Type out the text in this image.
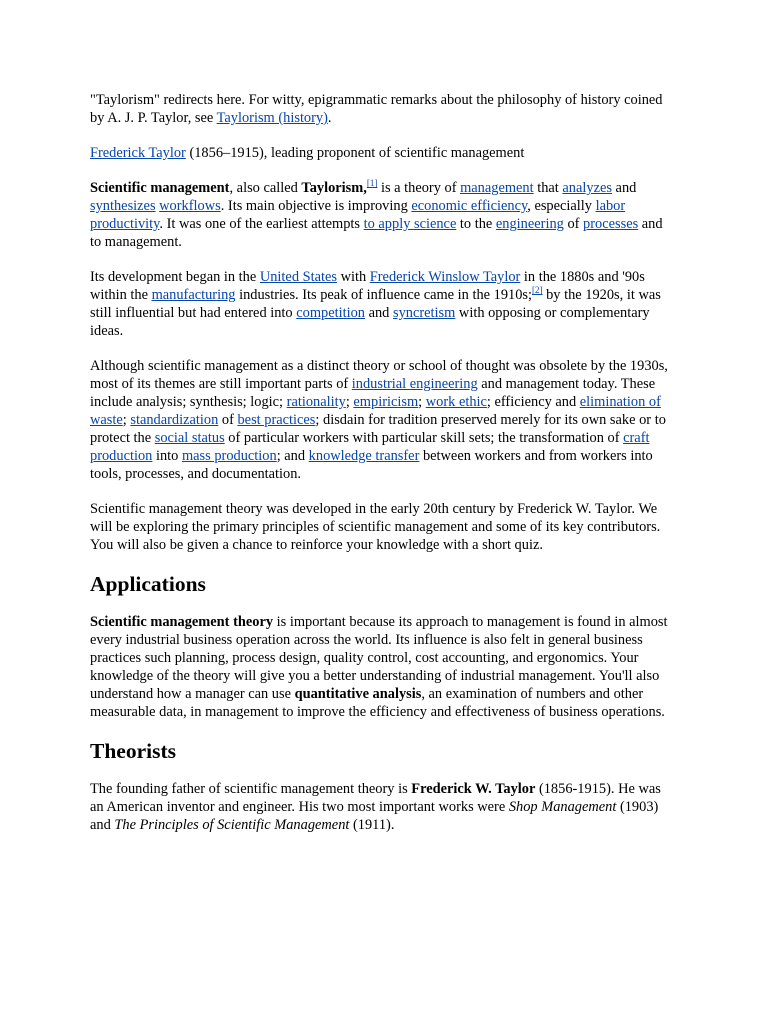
"Taylorism" redirects here. For witty, epigrammatic remarks about the philosophy of history coined by A. J. P. Taylor, see Taylorism (history).

Frederick Taylor (1856–1915), leading proponent of scientific management

Scientific management, also called Taylorism,[1] is a theory of management that analyzes and synthesizes workflows. Its main objective is improving economic efficiency, especially labor productivity. It was one of the earliest attempts to apply science to the engineering of processes and to management.

Its development began in the United States with Frederick Winslow Taylor in the 1880s and '90s within the manufacturing industries. Its peak of influence came in the 1910s;[2] by the 1920s, it was still influential but had entered into competition and syncretism with opposing or complementary ideas.

Although scientific management as a distinct theory or school of thought was obsolete by the 1930s, most of its themes are still important parts of industrial engineering and management today. These include analysis; synthesis; logic; rationality; empiricism; work ethic; efficiency and elimination of waste; standardization of best practices; disdain for tradition preserved merely for its own sake or to protect the social status of particular workers with particular skill sets; the transformation of craft production into mass production; and knowledge transfer between workers and from workers into tools, processes, and documentation.

Scientific management theory was developed in the early 20th century by Frederick W. Taylor. We will be exploring the primary principles of scientific management and some of its key contributors. You will also be given a chance to reinforce your knowledge with a short quiz.

Applications

Scientific management theory is important because its approach to management is found in almost every industrial business operation across the world. Its influence is also felt in general business practices such planning, process design, quality control, cost accounting, and ergonomics. Your knowledge of the theory will give you a better understanding of industrial management. You'll also understand how a manager can use quantitative analysis, an examination of numbers and other measurable data, in management to improve the efficiency and effectiveness of business operations.

Theorists

The founding father of scientific management theory is Frederick W. Taylor (1856-1915). He was an American inventor and engineer. His two most important works were Shop Management (1903) and The Principles of Scientific Management (1911).
